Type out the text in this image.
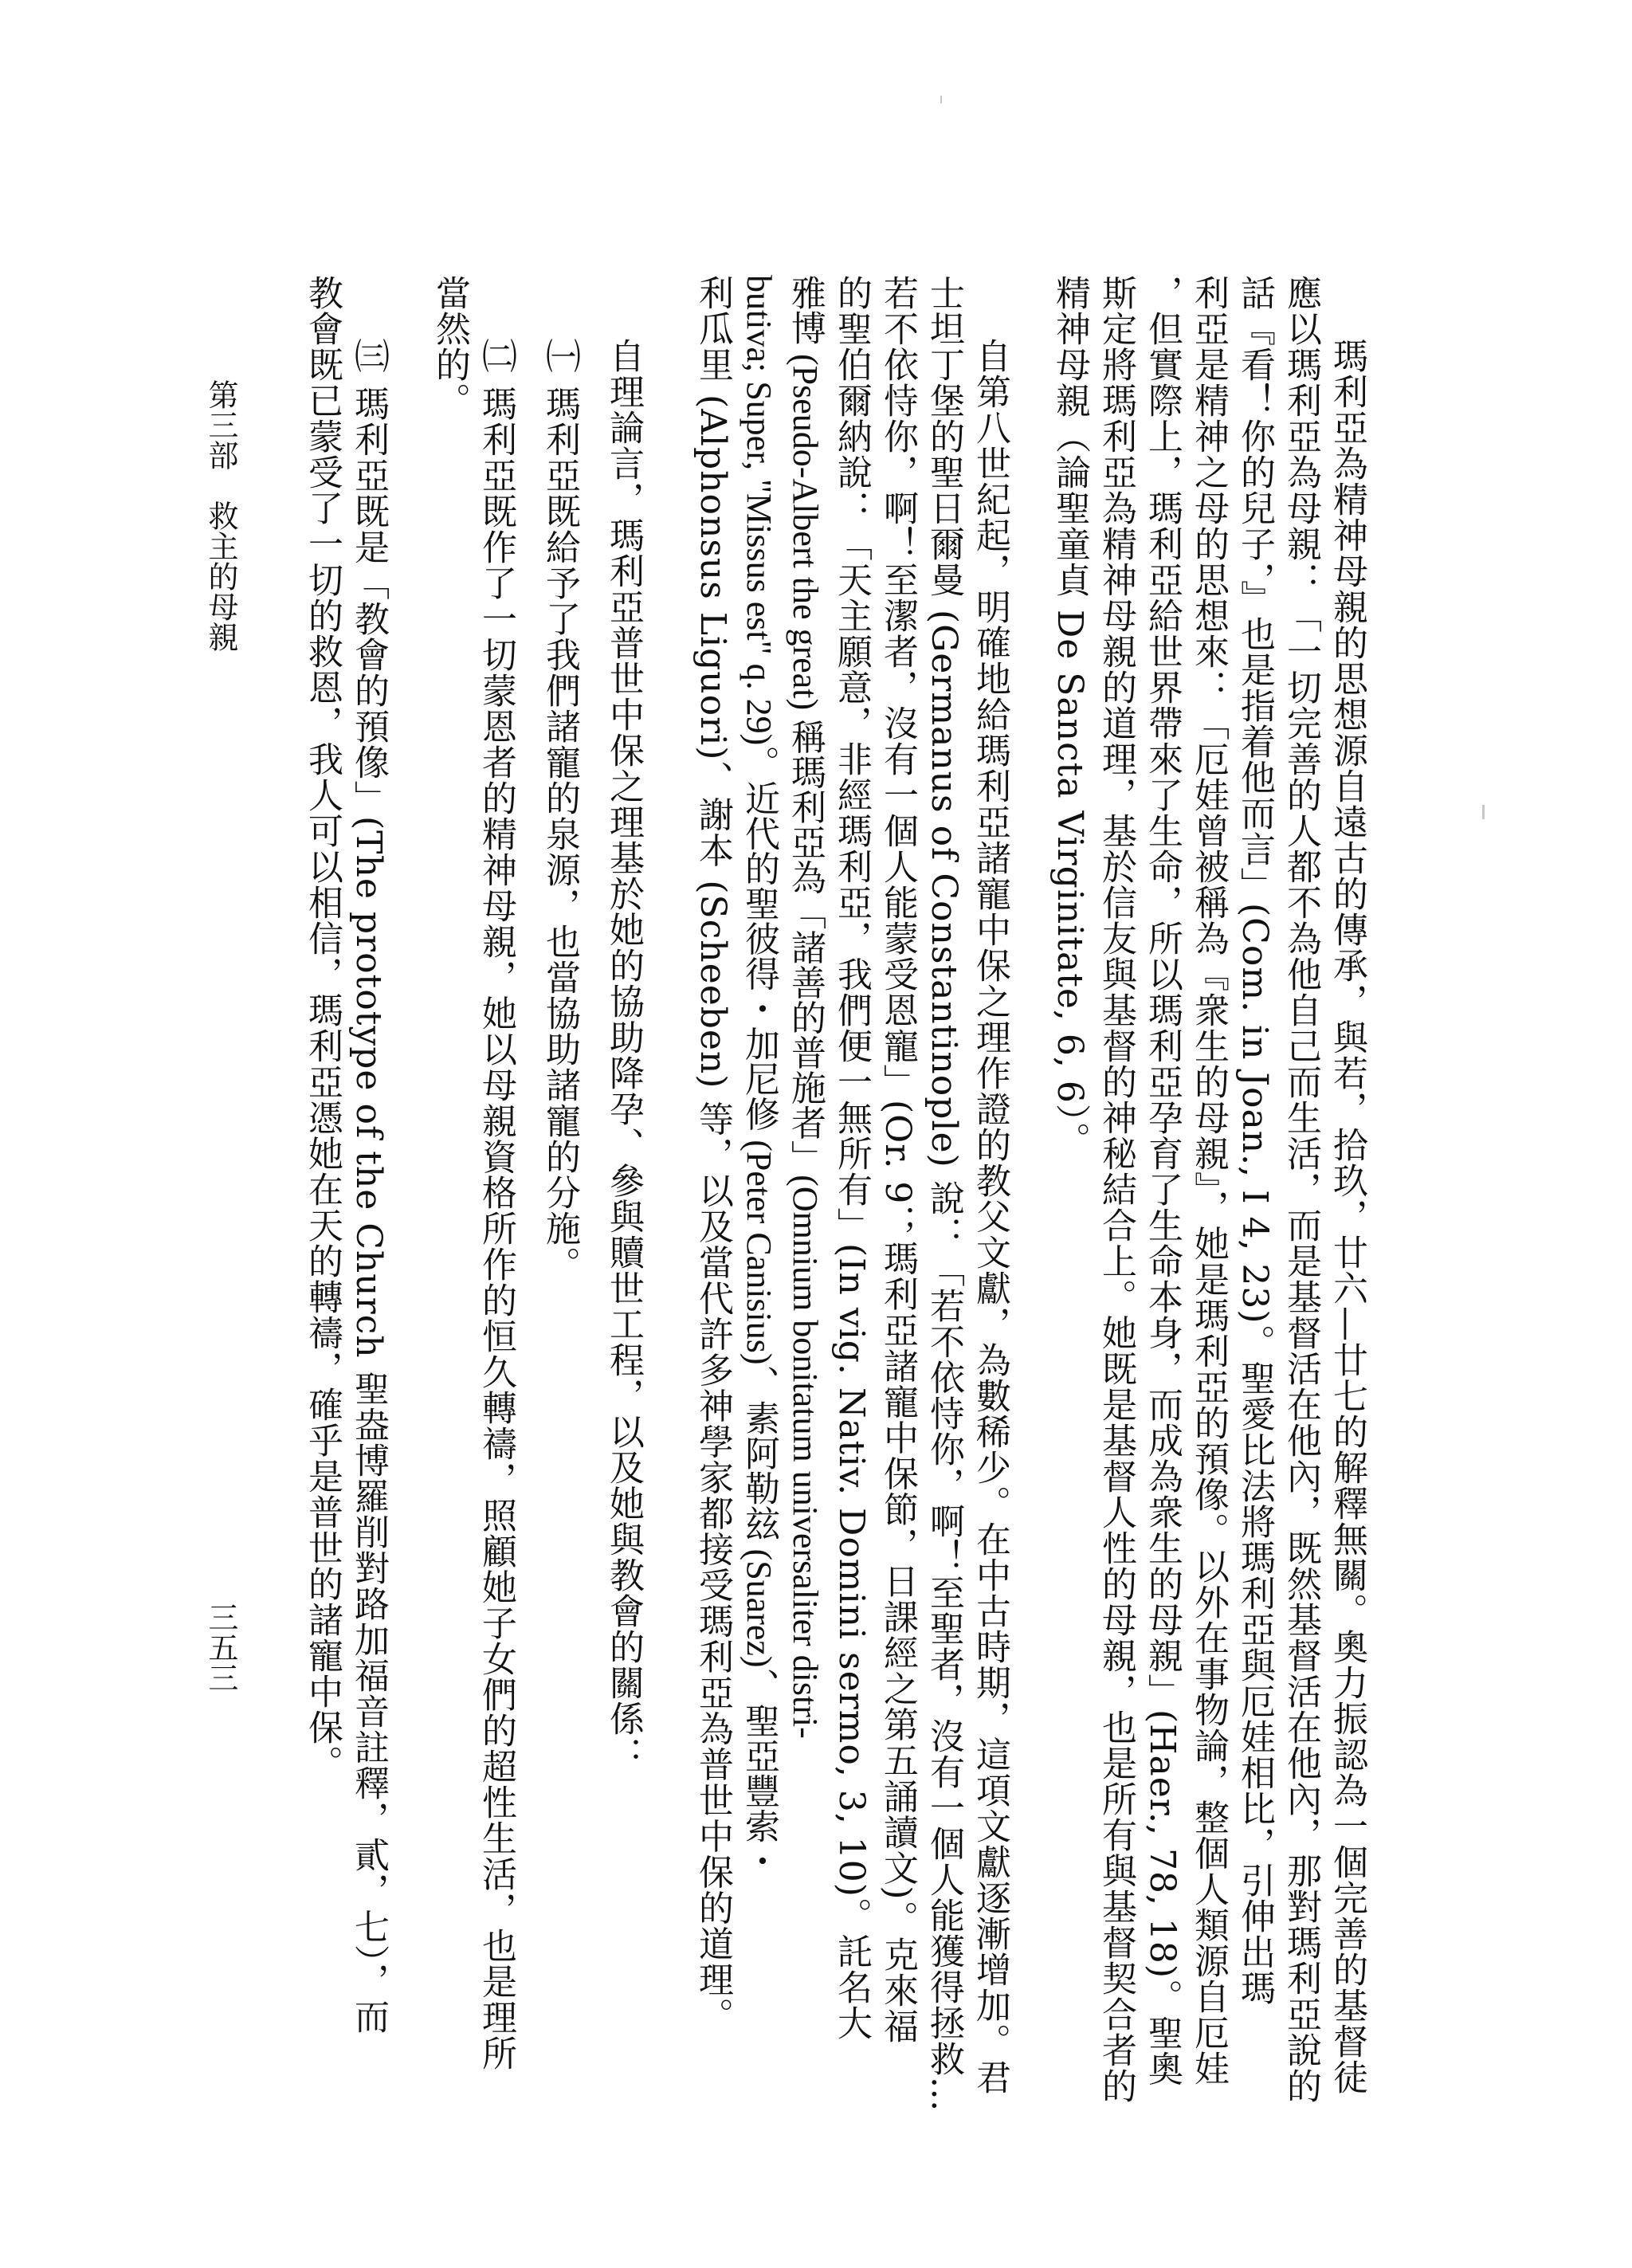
瑪利亞為精神母親的思想源自遠古的傳承，與若，拾玖，廿六—廿七的解釋無關。奧力振認為一個完善的基督徒
應以瑪利亞為母親：「一切完善的人都不為他自己而生活，而是基督活在他內，既然基督活在他內，那對瑪利亞說的
話『看！你的兒子，』也是指着他而言」(Com. in Joan., I 4, 23)。聖愛比法將瑪利亞與厄娃相比，引伸出瑪
利亞是精神之母的思想來：「厄娃曾被稱為『衆生的母親』，她是瑪利亞的預像。以外在事物論，整個人類源自厄娃
，但實際上，瑪利亞給世界帶來了生命，所以瑪利亞孕育了生命本身，而成為衆生的母親」(Haer., 78, 18)。聖奧
斯定將瑪利亞為精神母親的道理，基於信友與基督的神秘結合上。她既是基督人性的母親，也是所有與基督契合者的
精神母親（論聖童貞 De Sancta Virginitate, 6, 6）。
自第八世紀起，明確地給瑪利亞諸寵中保之理作證的教父文獻，為數稀少。在中古時期，這項文獻逐漸增加。君
士坦丁堡的聖日爾曼 (Germanus of Constantinople) 說：「若不依恃你，啊！至聖者，沒有一個人能獲得拯救…
若不依恃你，啊！至潔者，沒有一個人能蒙受恩寵」(Or. 9；瑪利亞諸寵中保節，日課經之第五誦讀文)。克來福
的聖伯爾納說：「天主願意，非經瑪利亞，我們便一無所有」(In vig. Nativ. Domini sermo, 3, 10)。託名大
雅博 (Pseudo-Albert the great) 稱瑪利亞為「諸善的普施者」(Omnium bonitatum universaliter distri-
butiva; Super, "Missus est" q. 29)。近代的聖彼得・加尼修 (Peter Canisius)、素阿勒玆 (Suarez)、聖亞豐索・
利瓜里 (Alphonsus Liguori)、謝本 (Scheeben) 等，以及當代許多神學家都接受瑪利亞為普世中保的道理。
自理論言，瑪利亞普世中保之理基於她的協助降孕、參與贖世工程，以及她與教會的關係：
㈠ 瑪利亞既給予了我們諸寵的泉源，也當協助諸寵的分施。
㈡ 瑪利亞既作了一切蒙恩者的精神母親，她以母親資格所作的恒久轉禱，照顧她子女們的超性生活，也是理所
當然的。
㈢ 瑪利亞既是「教會的預像」(The prototype of the Church 聖盎博羅削對路加福音註釋，貳，七），而
教會既已蒙受了一切的救恩，我人可以相信，瑪利亞憑她在天的轉禱，確乎是普世的諸寵中保。
第三部　救主的母親
三五三
